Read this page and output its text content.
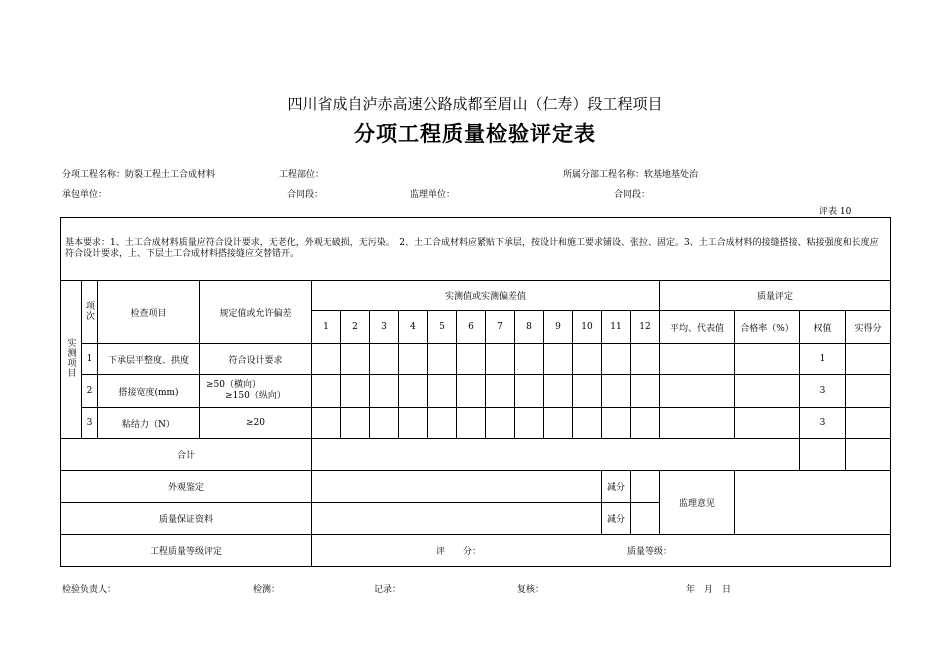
四川省成自泸赤高速公路成都至眉山（仁寿）段工程项目
分项工程质量检验评定表
分项工程名称：防裂工程土工合成材料	工程部位：	所属分部工程名称：软基地基处治
承包单位：	合同段：	监理单位：	合同段：
评表 10
基本要求：1、土工合成材料质量应符合设计要求，无老化，外观无破损，无污染。　2、土工合成材料应紧贴下承层，按设计和施工要求铺设、张拉、固定。3、土工合成材料的接缝搭接、粘接强度和长度应符合设计要求，上、下层土工合成材料搭接缝应交替错开。																			
实测项目	项次	检查项目	规定值或允许偏差	实测值或实测偏差值												质量评定			
				1	2	3	4	5	6	7	8	9	10	11	12	平均、代表值	合格率（%）	权值	实得分
	1	下承层平整度、拱度	符合设计要求															1	
	2	搭接宽度(mm)	≥50（横向）
≥150（纵向）															3	
	3	粘结力（N）	≥20															3	
合计																			
外观鉴定														减分		监理意见			
质量保证资料														减分					
工程质量等级评定				评　　分： 质量等级：															
检验负责人：	检测：	记录：	复核：	年　月　日
